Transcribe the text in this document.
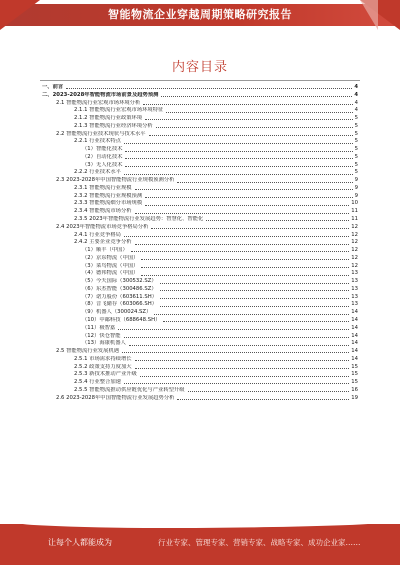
智能物流企业穿越周期策略研究报告
内容目录
一、前言	4
二、2023-2028年智能物流市场前景及趋势预测	4
2.1 智能物流行业宏观市场环境分析	4
2.1.1 智能物流行业宏观市场环境特征	4
2.1.2 智能物流行业政策环境	5
2.1.3 智能物流行业经济环境分析	5
2.2 智能物流行业技术现状与技术水平	5
2.2.1 行业技术特点	5
（1）智能化技术	5
（2）自动化技术	5
（3）无人化技术	5
2.2.2 行业技术水平	5
2.3 2023-2028年中国智能物流行业规模预测分析	9
2.3.1 智能物流行业规模	9
2.3.2 智能物流行业规模预测	9
2.3.3 智能物流细分市场规模	10
2.3.4 智能物流市场分析	11
2.3.5 2023年智能物流行业发展趋势：智慧化、智能化	11
2.4 2023年智能物流市场竞争格局分析	12
2.4.1 行业竞争格局	12
2.4.2 主要企业竞争分析	12
（1）顺丰（中国）	12
（2）京东物流（中国）	12
（3）菜鸟物流（中国）	12
（4）德邦物流（中国）	13
（5）今天国际（300532.SZ）	13
（6）东杰智能（300486.SZ）	13
（7）诺力股份（603611.SH）	13
（8）音飞储存（603066.SH）	13
（9）机器人（300024.SZ）	14
（10）中邮科技（688648.SH）	14
（11）极智嘉	14
（12）快仓智能	14
（13）海康机器人	14
2.5 智能物流行业发展机遇	14
2.5.1 市场需求持续增长	14
2.5.2 政策支持力度加大	15
2.5.3 新技术推动产业升级	15
2.5.4 行业整合加速	15
2.5.5 智能物流推动供应链优化与产业转型升级	16
2.6 2023-2028年中国智能物流行业发展趋势分析	19
让每个人都能成为	行业专家、管理专家、营销专家、战略专家、成功企业家……
